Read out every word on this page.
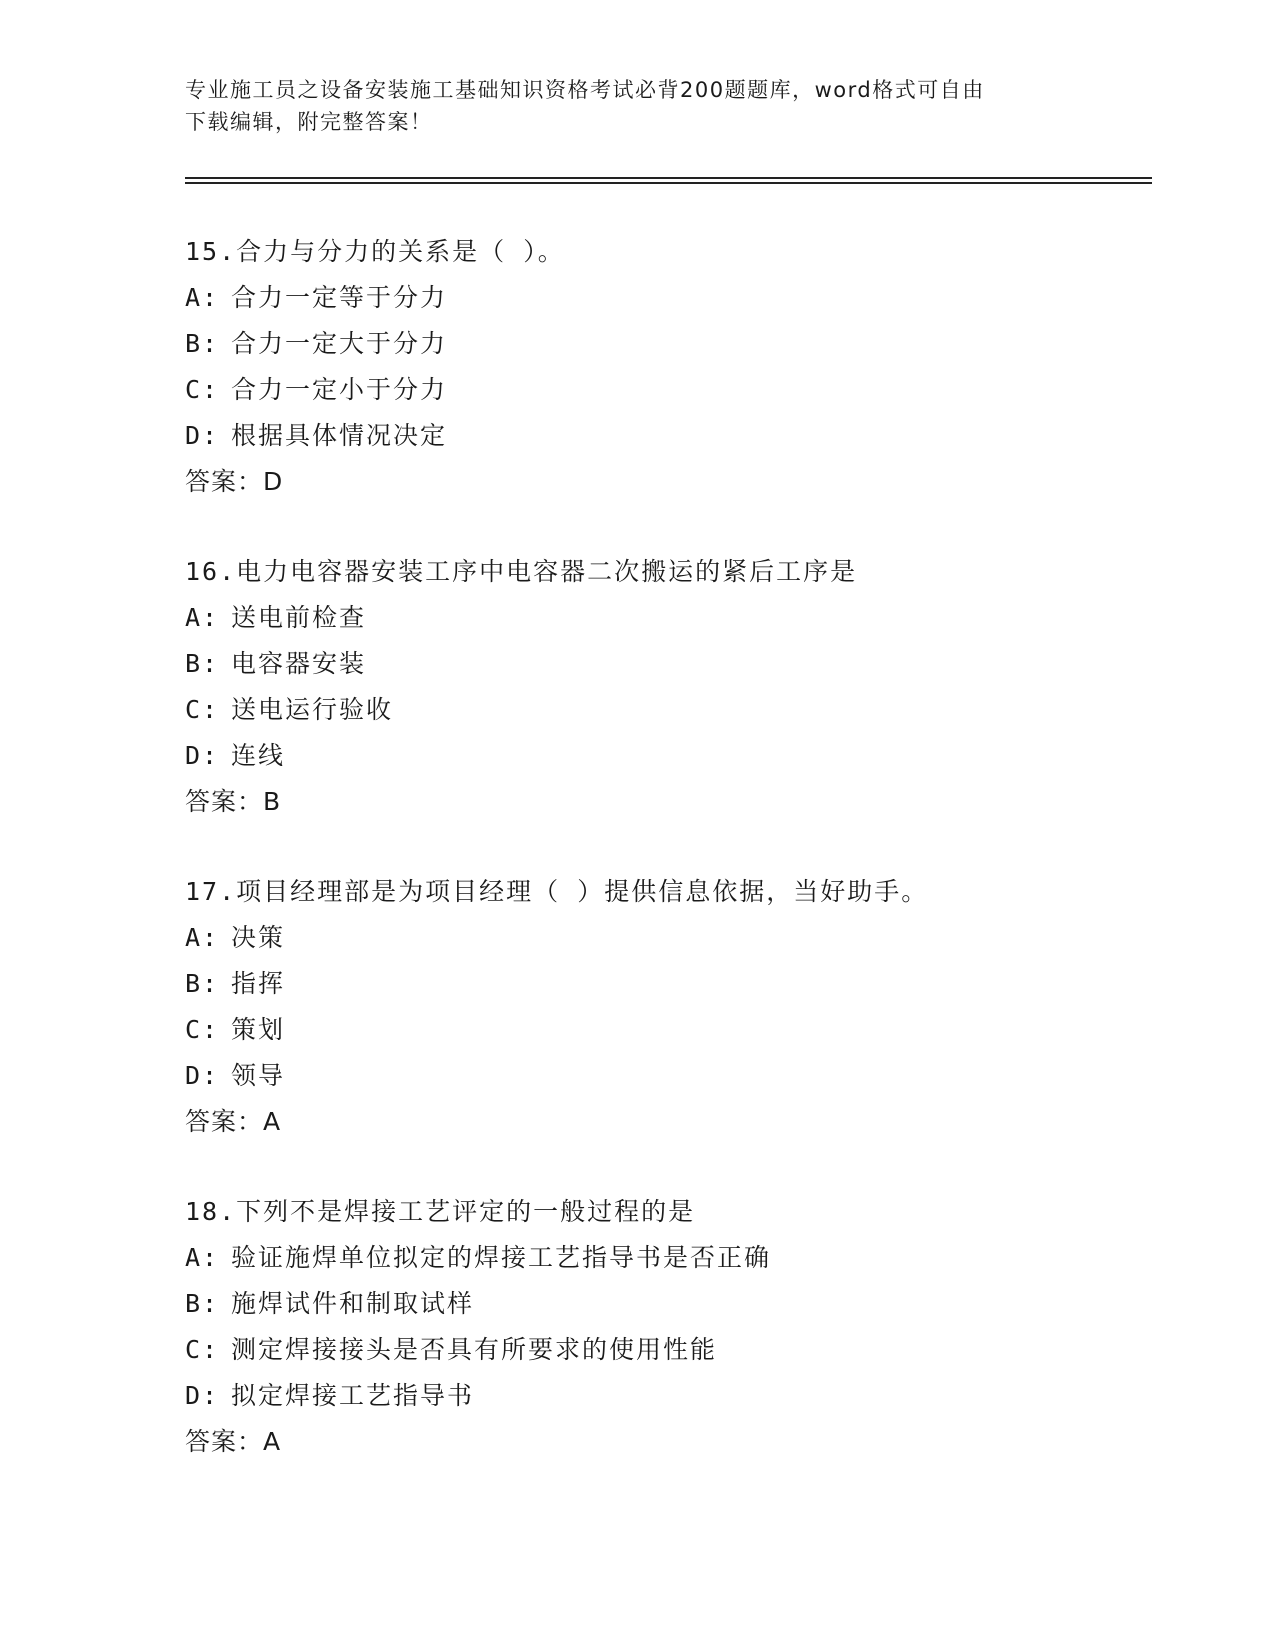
专业施工员之设备安装施工基础知识资格考试必背200题题库，word格式可自由
下载编辑，附完整答案！
15.合力与分力的关系是（ ）。
A: 合力一定等于分力
B: 合力一定大于分力
C: 合力一定小于分力
D: 根据具体情况决定
答案：D
16.电力电容器安装工序中电容器二次搬运的紧后工序是
A: 送电前检查
B: 电容器安装
C: 送电运行验收
D: 连线
答案：B
17.项目经理部是为项目经理（ ）提供信息依据，当好助手。
A: 决策
B: 指挥
C: 策划
D: 领导
答案：A
18.下列不是焊接工艺评定的一般过程的是
A: 验证施焊单位拟定的焊接工艺指导书是否正确
B: 施焊试件和制取试样
C: 测定焊接接头是否具有所要求的使用性能
D: 拟定焊接工艺指导书
答案：A
